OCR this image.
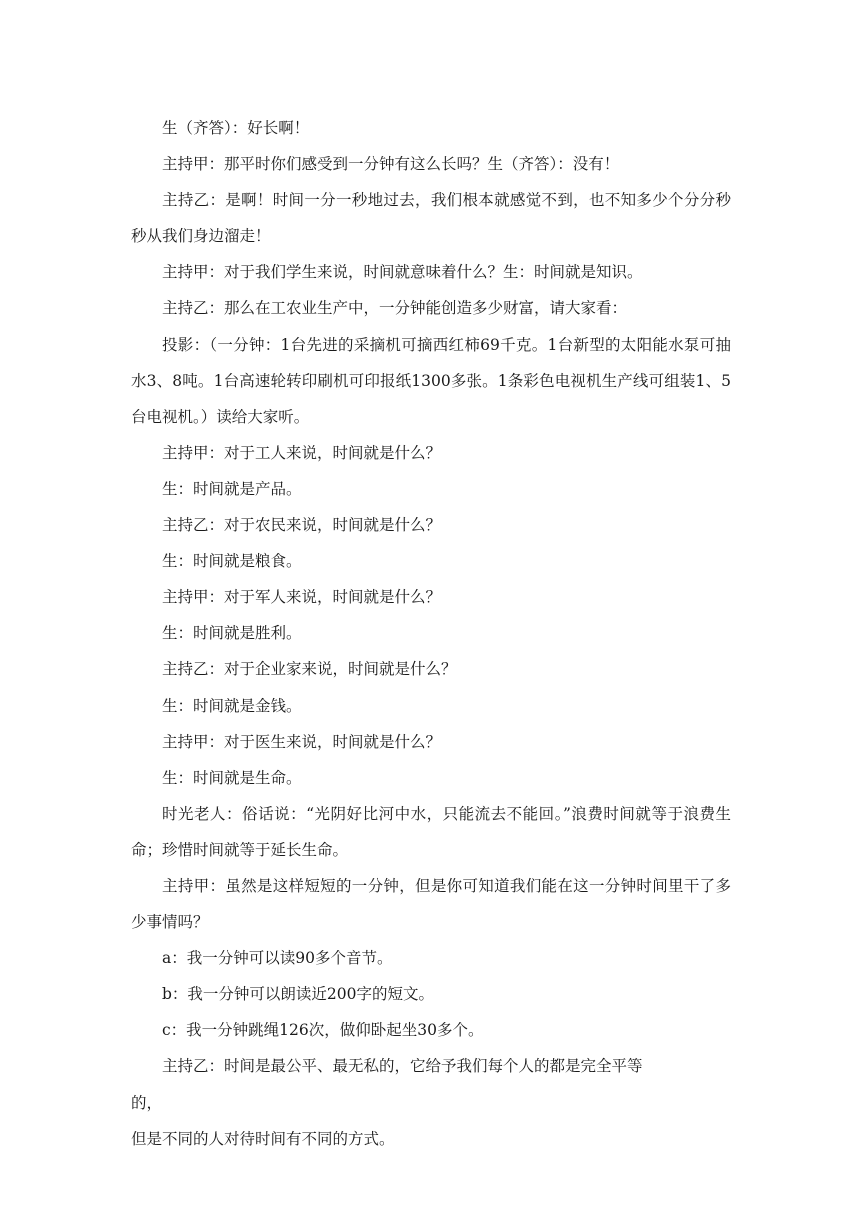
生（齐答）：好长啊！

主持甲：那平时你们感受到一分钟有这么长吗？生（齐答）：没有！

主持乙：是啊！时间一分一秒地过去，我们根本就感觉不到，也不知多少个分分秒秒从我们身边溜走！

主持甲：对于我们学生来说，时间就意味着什么？生：时间就是知识。

主持乙：那么在工农业生产中，一分钟能创造多少财富，请大家看：

投影：（一分钟：1台先进的采摘机可摘西红柿69千克。1台新型的太阳能水泵可抽水3、8吨。1台高速轮转印刷机可印报纸1300多张。1条彩色电视机生产线可组装1、5台电视机。）读给大家听。

主持甲：对于工人来说，时间就是什么？

生：时间就是产品。

主持乙：对于农民来说，时间就是什么？

生：时间就是粮食。

主持甲：对于军人来说，时间就是什么？

生：时间就是胜利。

主持乙：对于企业家来说，时间就是什么？

生：时间就是金钱。

主持甲：对于医生来说，时间就是什么？

生：时间就是生命。

时光老人：俗话说：“光阴好比河中水，只能流去不能回。”浪费时间就等于浪费生命；珍惜时间就等于延长生命。

主持甲：虽然是这样短短的一分钟，但是你可知道我们能在这一分钟时间里干了多少事情吗？

a：我一分钟可以读90多个音节。

b：我一分钟可以朗读近200字的短文。

c：我一分钟跳绳126次，做仰卧起坐30多个。

主持乙：时间是最公平、最无私的，它给予我们每个人的都是完全平等

的，

但是不同的人对待时间有不同的方式。
